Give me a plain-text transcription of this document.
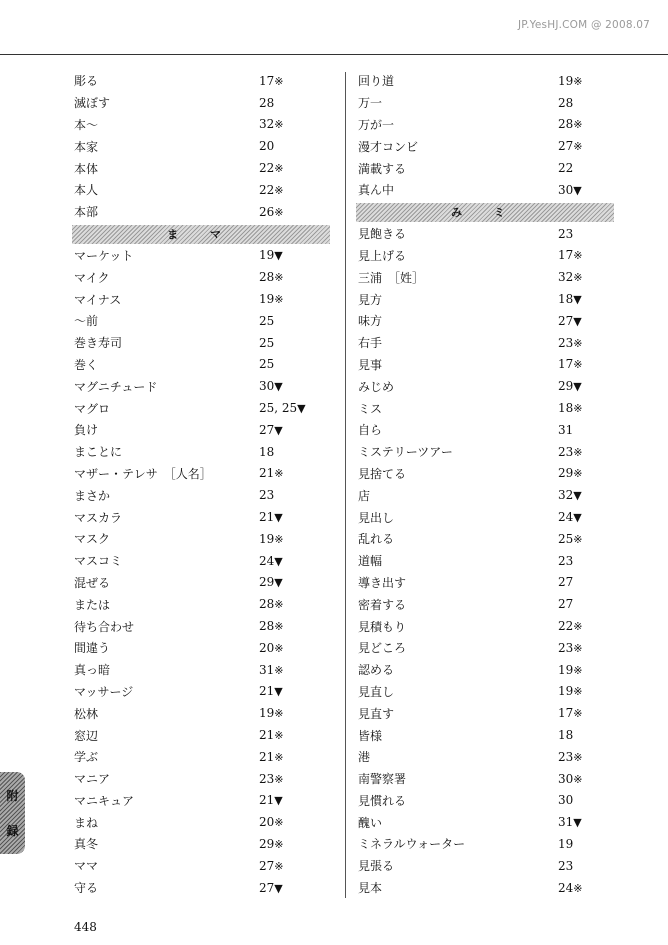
JP.YesHJ.COM @ 2008.07
彫る	17※
滅ぼす	28
本～	32※
本家	20
本体	22※
本人	22※
本部	26※
ま マ
マーケット	19▼
マイク	28※
マイナス	19※
～前	25
巻き寿司	25
巻く	25
マグニチュード	30▼
マグロ	25, 25▼
負け	27▼
まことに	18
マザー・テレサ　［人名］	21※
まさか	23
マスカラ	21▼
マスク	19※
マスコミ	24▼
混ぜる	29▼
または	28※
待ち合わせ	28※
間違う	20※
真っ暗	31※
マッサージ	21▼
松林	19※
窓辺	21※
学ぶ	21※
マニア	23※
マニキュア	21▼
まね	20※
真冬	29※
ママ	27※
守る	27▼
回り道	19※
万一	28
万が一	28※
漫才コンビ	27※
満載する	22
真ん中	30▼
み ミ
見飽きる	23
見上げる	17※
三浦　［姓］	32※
見方	18▼
味方	27▼
右手	23※
見事	17※
みじめ	29▼
ミス	18※
自ら	31
ミステリーツアー	23※
見捨てる	29※
店	32▼
見出し	24▼
乱れる	25※
道幅	23
導き出す	27
密着する	27
見積もり	22※
見どころ	23※
認める	19※
見直し	19※
見直す	17※
皆様	18
港	23※
南警察署	30※
見慣れる	30
醜い	31▼
ミネラルウォーター	19
見張る	23
見本	24※
附
録
448
